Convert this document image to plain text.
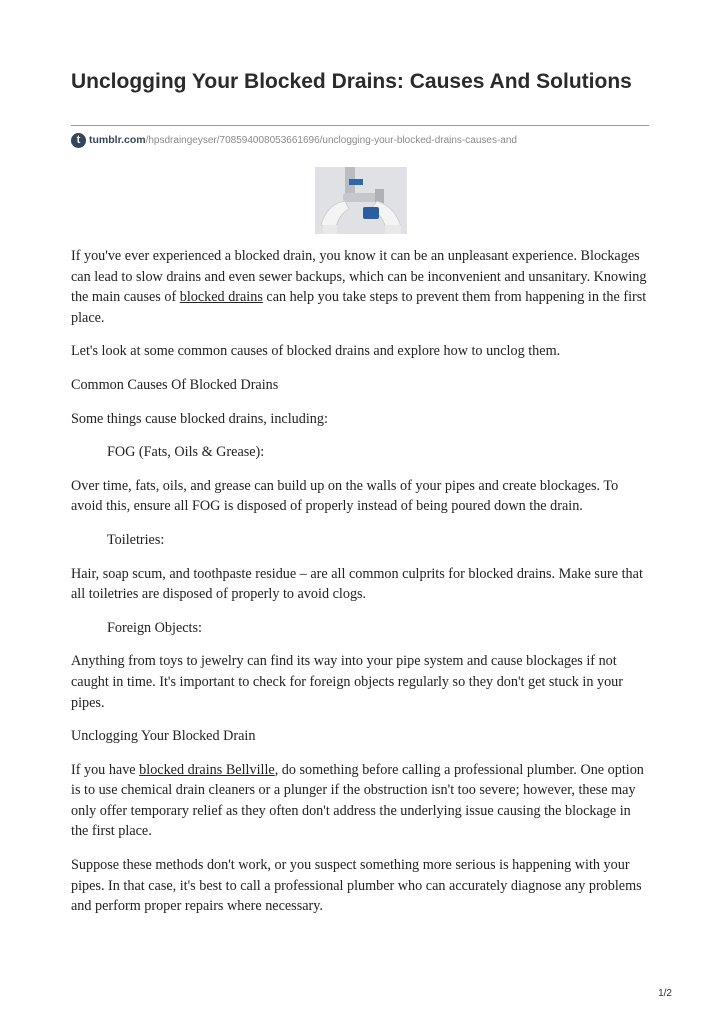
Unclogging Your Blocked Drains: Causes And Solutions
t tumblr.com /hpsdraingeyser/708594008053661696/unclogging-your-blocked-drains-causes-and

If you've ever experienced a blocked drain, you know it can be an unpleasant experience. Blockages can lead to slow drains and even sewer backups, which can be inconvenient and unsanitary. Knowing the main causes of blocked drains can help you take steps to prevent them from happening in the first place.

Let's look at some common causes of blocked drains and explore how to unclog them.

Common Causes Of Blocked Drains

Some things cause blocked drains, including:

FOG (Fats, Oils & Grease):

Over time, fats, oils, and grease can build up on the walls of your pipes and create blockages. To avoid this, ensure all FOG is disposed of properly instead of being poured down the drain.

Toiletries:

Hair, soap scum, and toothpaste residue – are all common culprits for blocked drains. Make sure that all toiletries are disposed of properly to avoid clogs.

Foreign Objects:

Anything from toys to jewelry can find its way into your pipe system and cause blockages if not caught in time. It's important to check for foreign objects regularly so they don't get stuck in your pipes.

Unclogging Your Blocked Drain

If you have blocked drains Bellville, do something before calling a professional plumber. One option is to use chemical drain cleaners or a plunger if the obstruction isn't too severe; however, these may only offer temporary relief as they often don't address the underlying issue causing the blockage in the first place.

Suppose these methods don't work, or you suspect something more serious is happening with your pipes. In that case, it's best to call a professional plumber who can accurately diagnose any problems and perform proper repairs where necessary.

1/2
